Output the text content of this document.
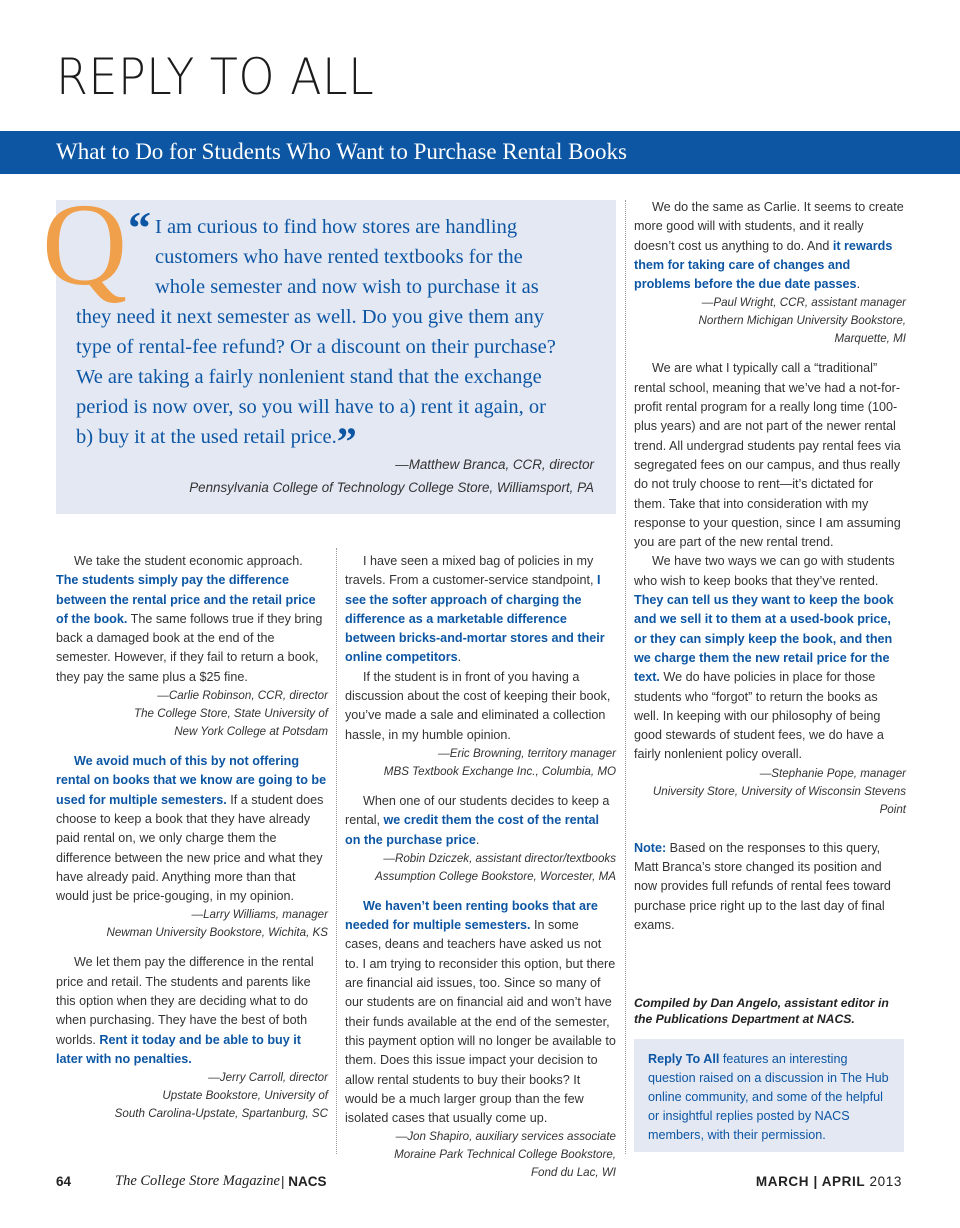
REPLY TO ALL
What to Do for Students Who Want to Purchase Rental Books
Q “ I am curious to find how stores are handling
customers who have rented textbooks for the
whole semester and now wish to purchase it as
they need it next semester as well. Do you give them any
type of rental-fee refund? Or a discount on their purchase?
We are taking a fairly nonlenient stand that the exchange
period is now over, so you will have to a) rent it again, or
b) buy it at the used retail price.”
—Matthew Branca, CCR, director
Pennsylvania College of Technology College Store, Williamsport, PA

We take the student economic approach. The students simply pay the difference between the rental price and the retail price of the book. The same follows true if they bring back a damaged book at the end of the semester. However, if they fail to return a book, they pay the same plus a $25 fine.

—Carlie Robinson, CCR, director
The College Store, State University of
New York College at Potsdam

We avoid much of this by not offering rental on books that we know are going to be used for multiple semesters. If a student does choose to keep a book that they have already paid rental on, we only charge them the difference between the new price and what they have already paid. Anything more than that would just be price-gouging, in my opinion.

—Larry Williams, manager
Newman University Bookstore, Wichita, KS

We let them pay the difference in the rental price and retail. The students and parents like this option when they are deciding what to do when purchasing. They have the best of both worlds. Rent it today and be able to buy it later with no penalties.

—Jerry Carroll, director
Upstate Bookstore, University of
South Carolina-Upstate, Spartanburg, SC

I have seen a mixed bag of policies in my travels. From a customer-service standpoint, I see the softer approach of charging the difference as a marketable difference between bricks-and-mortar stores and their online competitors.

If the student is in front of you having a discussion about the cost of keeping their book, you’ve made a sale and eliminated a collection hassle, in my humble opinion.

—Eric Browning, territory manager
MBS Textbook Exchange Inc., Columbia, MO

When one of our students decides to keep a rental, we credit them the cost of the rental on the purchase price.

—Robin Dziczek, assistant director/textbooks
Assumption College Bookstore, Worcester, MA

We haven’t been renting books that are needed for multiple semesters. In some cases, deans and teachers have asked us not to. I am trying to reconsider this option, but there are financial aid issues, too. Since so many of our students are on financial aid and won’t have their funds available at the end of the semester, this payment option will no longer be available to them. Does this issue impact your decision to allow rental students to buy their books? It would be a much larger group than the few isolated cases that usually come up.

—Jon Shapiro, auxiliary services associate
Moraine Park Technical College Bookstore,
Fond du Lac, WI

We do the same as Carlie. It seems to create more good will with students, and it really doesn’t cost us anything to do. And it rewards them for taking care of changes and problems before the due date passes.

—Paul Wright, CCR, assistant manager
Northern Michigan University Bookstore,
Marquette, MI

We are what I typically call a “traditional” rental school, meaning that we’ve had a not-for-profit rental program for a really long time (100-plus years) and are not part of the newer rental trend. All undergrad students pay rental fees via segregated fees on our campus, and thus really do not truly choose to rent—it’s dictated for them. Take that into consideration with my response to your question, since I am assuming you are part of the new rental trend.

We have two ways we can go with students who wish to keep books that they’ve rented. They can tell us they want to keep the book and we sell it to them at a used-book price, or they can simply keep the book, and then we charge them the new retail price for the text. We do have policies in place for those students who “forgot” to return the books as well. In keeping with our philosophy of being good stewards of student fees, we do have a fairly nonlenient policy overall.

—Stephanie Pope, manager
University Store, University of Wisconsin Stevens Point

Note: Based on the responses to this query, Matt Branca’s store changed its position and now provides full refunds of rental fees toward purchase price right up to the last day of final exams.

Compiled by Dan Angelo, assistant editor in the Publications Department at NACS.
Reply To All features an interesting question raised on a discussion in The Hub online community, and some of the helpful or insightful replies posted by NACS members, with their permission.
64	The College Store Magazine | NACS	MARCH | APRIL 2013
